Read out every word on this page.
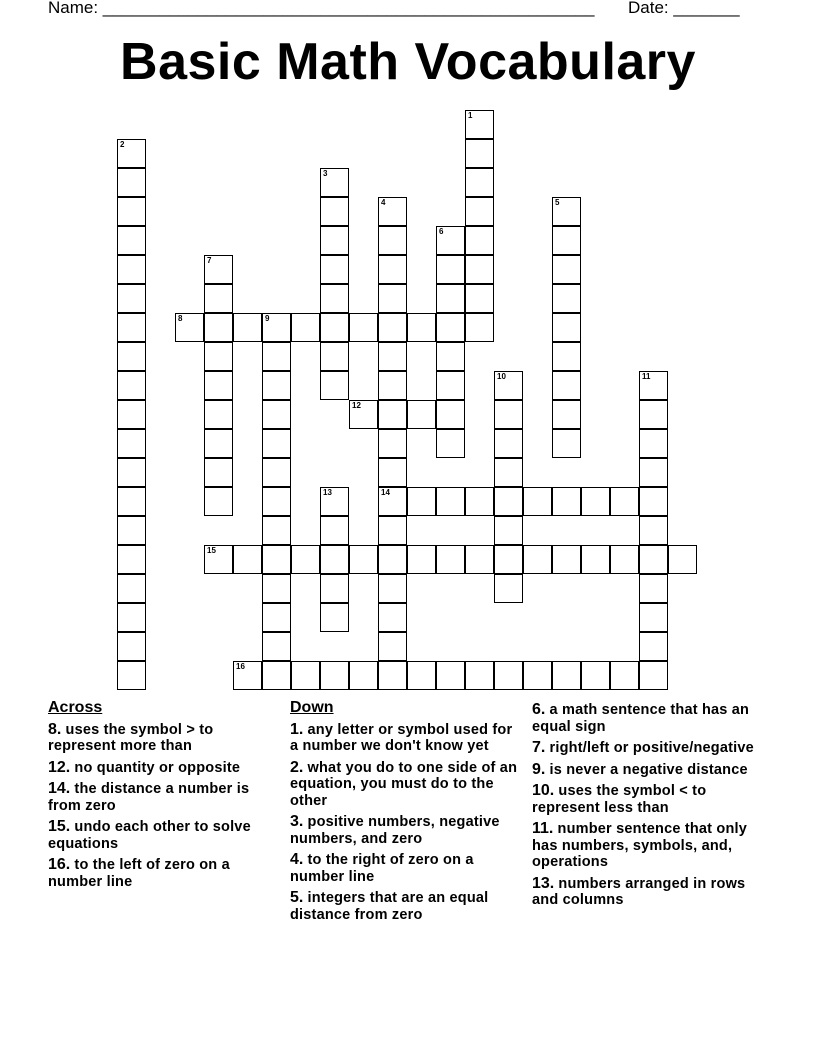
Name: ____________________________________________________ Date: _______
Basic Math Vocabulary
1
2
3
4
14
5
6
7
8	9
10	11
12
13
15
16
Across
8. uses the symbol > to represent more than
12. no quantity or opposite
14. the distance a number is from zero
15. undo each other to solve equations
16. to the left of zero on a number line
Down
1. any letter or symbol used for a number we don't know yet
2. what you do to one side of an equation, you must do to the other
3. positive numbers, negative numbers, and zero
4. to the right of zero on a number line
5. integers that are an equal distance from zero
6. a math sentence that has an equal sign
7. right/left or positive/negative
9. is never a negative distance
10. uses the symbol < to represent less than
11. number sentence that only has numbers, symbols, and, operations
13. numbers arranged in rows and columns
